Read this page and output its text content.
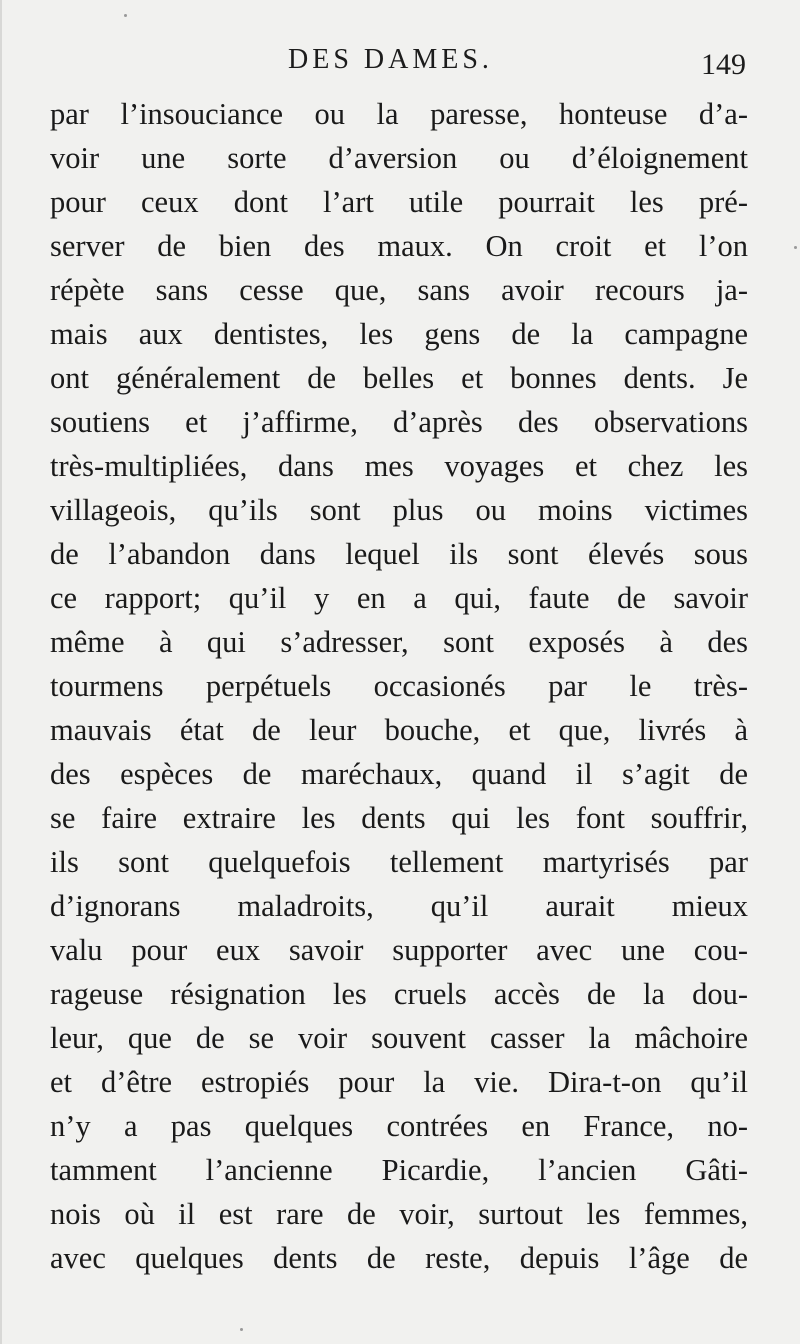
DES DAMES.	149
par l’insouciance ou la paresse, honteuse d’a-
voir une sorte d’aversion ou d’éloignement
pour ceux dont l’art utile pourrait les pré-
server de bien des maux. On croit et l’on
répète sans cesse que, sans avoir recours ja-
mais aux dentistes, les gens de la campagne
ont généralement de belles et bonnes dents. Je
soutiens et j’affirme, d’après des observations
très-multipliées, dans mes voyages et chez les
villageois, qu’ils sont plus ou moins victimes
de l’abandon dans lequel ils sont élevés sous
ce rapport; qu’il y en a qui, faute de savoir
même à qui s’adresser, sont exposés à des
tourmens perpétuels occasionés par le très-
mauvais état de leur bouche, et que, livrés à
des espèces de maréchaux, quand il s’agit de
se faire extraire les dents qui les font souffrir,
ils sont quelquefois tellement martyrisés par
d’ignorans maladroits, qu’il aurait mieux
valu pour eux savoir supporter avec une cou-
rageuse résignation les cruels accès de la dou-
leur, que de se voir souvent casser la mâchoire
et d’être estropiés pour la vie. Dira-t-on qu’il
n’y a pas quelques contrées en France, no-
tamment l’ancienne Picardie, l’ancien Gâti-
nois où il est rare de voir, surtout les femmes,
avec quelques dents de reste, depuis l’âge de
